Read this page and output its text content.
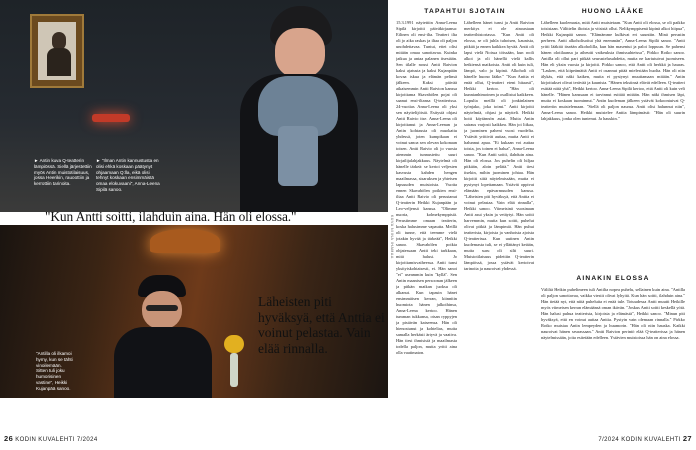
► Antin kuva Q-teatterin lämpiössä. Siellä järjestettiin myös Antin muistotilaisuus, jossa Heerikin, rauoottiin ja kerrottiin tarinoita.
► "Ilman Antin kannustusta en olisi ehkä koskaan päätynyt ohjaamaan Q:lla, eikä olisi tehnyt koskaan ensimmäistä omaa elokuvaani", Anna-Leena Sipilä sanoo.
"Kun Antti soitti, ilahduin aina. Hän oli elossa."
"Antilla oli ilkamoi hymy, kun se tähti vinoilemään. Sitten tuli joku humorisinen vastine", Heikki Kujanpää sanoo.
Läheisten piti hyväksyä, että Anttia ei voinut pelastaa. Vain elää rinnalla.
KUVA NIINA IHAMAA
TAPAHTUI SJOTAIN
15.3.1991 näytettiin Anna-Leena Sipilä kirjoitti päiväkirjaansa: Eilinen oli ensi-ilta. Teatteri ilta oli jo aika raskas ja iltaa oli paljon unohdettavaa. Tuntui, ettei olisi mitään omaa sanottavaa. Kuinka jatkua ja antaa palanen itsestään. Sen tilalle nousi Antti Raivion kaksi ajatusta ja kaksi Kujanpään kovaa iskua ja elämän pelinsä jälkeen. Kaksi päivää aikaisemmin Antti Raivion kanssa kirjoittama Skavabölen pojat oli saanut ensi-iltansa Q-teatterissa. 24-vuotias Anna-Leena oli yksi sen näyttelijöistä. Esitystä ohjasi Antti Raivio itse. Anna-Leena oli kirjoittanut ja Anna-Leenan ja Antin kohtausta oli muokattu yhdessä, joten kumpikaan ei voinut sanoa sen olevan kokonaan toisen. Antti Raivio oli jo vuosia aiemmin tunnustettu suuri kirjailijalahjakkuus. Näytelmä oli hänelle tärkeä: se kertoi veljesten kasvusta kahden hengen maailmassa, sisaruksen ja yhteisen lapsuuden muistoista. Vuotta ennen Skavabölen poikien ensi-iltaa Antti Raivio oli perustanut Q-teatterin Heikki Kujanpään ja Leo-veljensä kanssa. "Olimme nuoria, kolmekymppisiä. Perustimme omaan teatterin, koska halusimme vapautta. Meillä oli tunne, että teemme vielä jotakin hyvää ja tärkeää", Heikki sanoo. Skavabölen poikia ohjatessaan Antti teki tarkkaan, mitä halusi. Jo kirjoittamisvaiheessa. Antti tunsi yksityiskohtaisesti, ei. Hän sanoi "ei" useammin kuin "kyllä". Sen Antin maanisen persoonan jälkeen ja pitkän matkan juoksu oli alkanut. Kun tapasin hänet ensimmäisen kerran, kiinnitin huomiota hänen jalkoihinsa, Anna-Leena kertoo. Hänen tumman tukkansa, otsan ryppyjen ja pistävän katseensa. Hän oli hienostunut ja kohtelias, mutta samalla herkästi ärtyvä ja vaativa. Hän tiesi ihmisistä ja maailmasta todella paljon, mutta yritti aina olla vaatimaton.
Lähelleen hänet tunsi ja Antti Raivion merkitys ei ole ainoastaan teatterihistoriassa. "Kun Antti oli elossa, se oli juhla tuhoisen, kaunista, pitkää ja ennen kaikkea hyvää. Antti oli lapsi vielä Noissa töissään, kun rooli alkoi ja oli hänellä vielä kallis hetkiensä matkoista. Antti oli kuin tuli, lämpö, valo ja kipinä. Alkoholi oli hänelle huono lääke." "Kun Anttia ei enää ollut, Q-teatteri eteni hitaasti", Heikki kertoo. "Hän oli kunnianhimoinen ja osallistui kaikkeen. Lopulta meillä oli jonkinlainen työnjako, joka toimi." Antti kirjoitti näytelmiä, ohjasi ja näytteli. Heikki hoiti käytännön asiat. Mutta Antin sairaus varjosti kaikkea. Hän joi liikaa, ja juominen paheni vuosi vuodelta. Ystävät yrittivät auttaa, mutta Antti ei halunnut apua. "Ei kukaan voi auttaa toista, jos toinen ei halua", Anna-Leena sanoo. "Kun Antti soitti, ilahduin aina. Hän oli elossa. Jos puhelin oli hiljaa pitkään, aloin pelätä." Antti tiesi itsekin, mihin juominen johtaa. Hän kirjoitti siitä näytelmissään, mutta ei pystynyt lopettamaan. Ystävät oppivat elämään epävarmuuden kanssa. "Läheisten piti hyväksyä, että Anttia ei voinut pelastaa. Vain elää rinnalla", Heikki sanoo. Viimeisinä vuosinaan Antti asui yksin ja vetäytyi. Hän soitti harvemmin, mutta kun soitti, puhelut olivat pitkiä ja lämpimiä. Hän puhui teatterista, kirjoista ja vanhoista ajoista Q-teatterissa. Kun uutinen Antin kuolemasta tuli, se ei yllättänyt ketään, mutta suru oli silti suuri. Muistotilaisuus pidettiin Q-teatterin lämpiössä, jossa ystävät kertoivat tarinoita ja nauroivat yhdessä.
HUONO LÄÄKE
Lähelleen kuolemasta, mitä Antti muistetaan. "Kun Antti oli elossa, se oli paikko toisistaan. Välittelin iltoista ja vitsistä ollut. Nelikymppisenä kipinä alkoi hiipua", Heikki Kujanpää sanoo. "Elämämme kulkivat eri suuntiin. Minä perustin perheen. Antti alkoholisoitui yhä enemmän", Anna-Leena Sipilä sanoo. "Antti yritti lääkitä itseään alkoholilla, kun hän masentui ja paloi loppuun. Se pahensi hänen olotilaansa ja aiheutti vaikeuksia ihmissuhteissa", Pirkko Rotko sanoo. Antilla oli ollut pari pitkää seurustelusuhdetta, mutta ne kariutuivat juomiseen. Hän eli yksin vuosia ja kirjoitti. Pirkko sanoo, että Antti oli herkkä ja hauras. "Lasken, että kiipeämättä Antti ei osannut pitää mielestään huolta. Hän oli niin älykäs, että näki kaiken, mutta ei pystynyt muuttamaan mitään." Antin kirjoitukset olivat terävää ja kaunista. "Hänen tekstinsä elävät edelleen. Q-teatteri esittää niitä yhä", Heikki kertoo. Anna-Leena Sipilä kertoo, että Antti oli kuin veli hänelle. "Hänen kanssaan ei tarvinnut esittää mitään. Hän näki ihmisen läpi, mutta ei koskaan tuominnut." Antin kuoleman jälkeen ystävät kokoontuivat Q-teatteriin muistelemaan. "Siellä oli paljon naurua. Antti olisi halunnut niin", Anna-Leena sanoo. Heikki muistelee Anttia lämpimästi: "Hän oli suurin lahjakkuus, jonka olen tuntenut. Ja hauskin."
AINAKIN ELOSSA
Väliltä Heikin puhelimeen tuli Antilta nopea puhelu, sellainen kuin aina. "Antilla oli paljon sanottavaa, vaikka viestit olivat lyhyitä. Kun hän soitti, ilahduin aina." Hän tietää nyt, että niitä puheluita ei enää tule. Totuudessa Antti muutti Heikille myös viimeisen kerran elämäänsä oman ikävän. "Joskus Antti soitti keskellä yötä. Hän halusi puhua teatterista, kirjoista ja elämästä", Heikki sanoo. "Minun piti hyväksyä, että en voinut auttaa Anttia. Pystyin vain olemaan rinnalla." Pirkko Rotko muistaa Antin lempeyden ja huumorin. "Hän oli niin hauska. Kaikki nauroivat hänen seurassaan." Antti Raivion perintö elää Q-teatterissa ja hänen näytelmissään, joita esitetään edelleen. Ystävien muistoissa hän on aina elossa.
26 KODIN KUVALEHTI 7/2024	7/2024 KODIN KUVALEHTI 27
